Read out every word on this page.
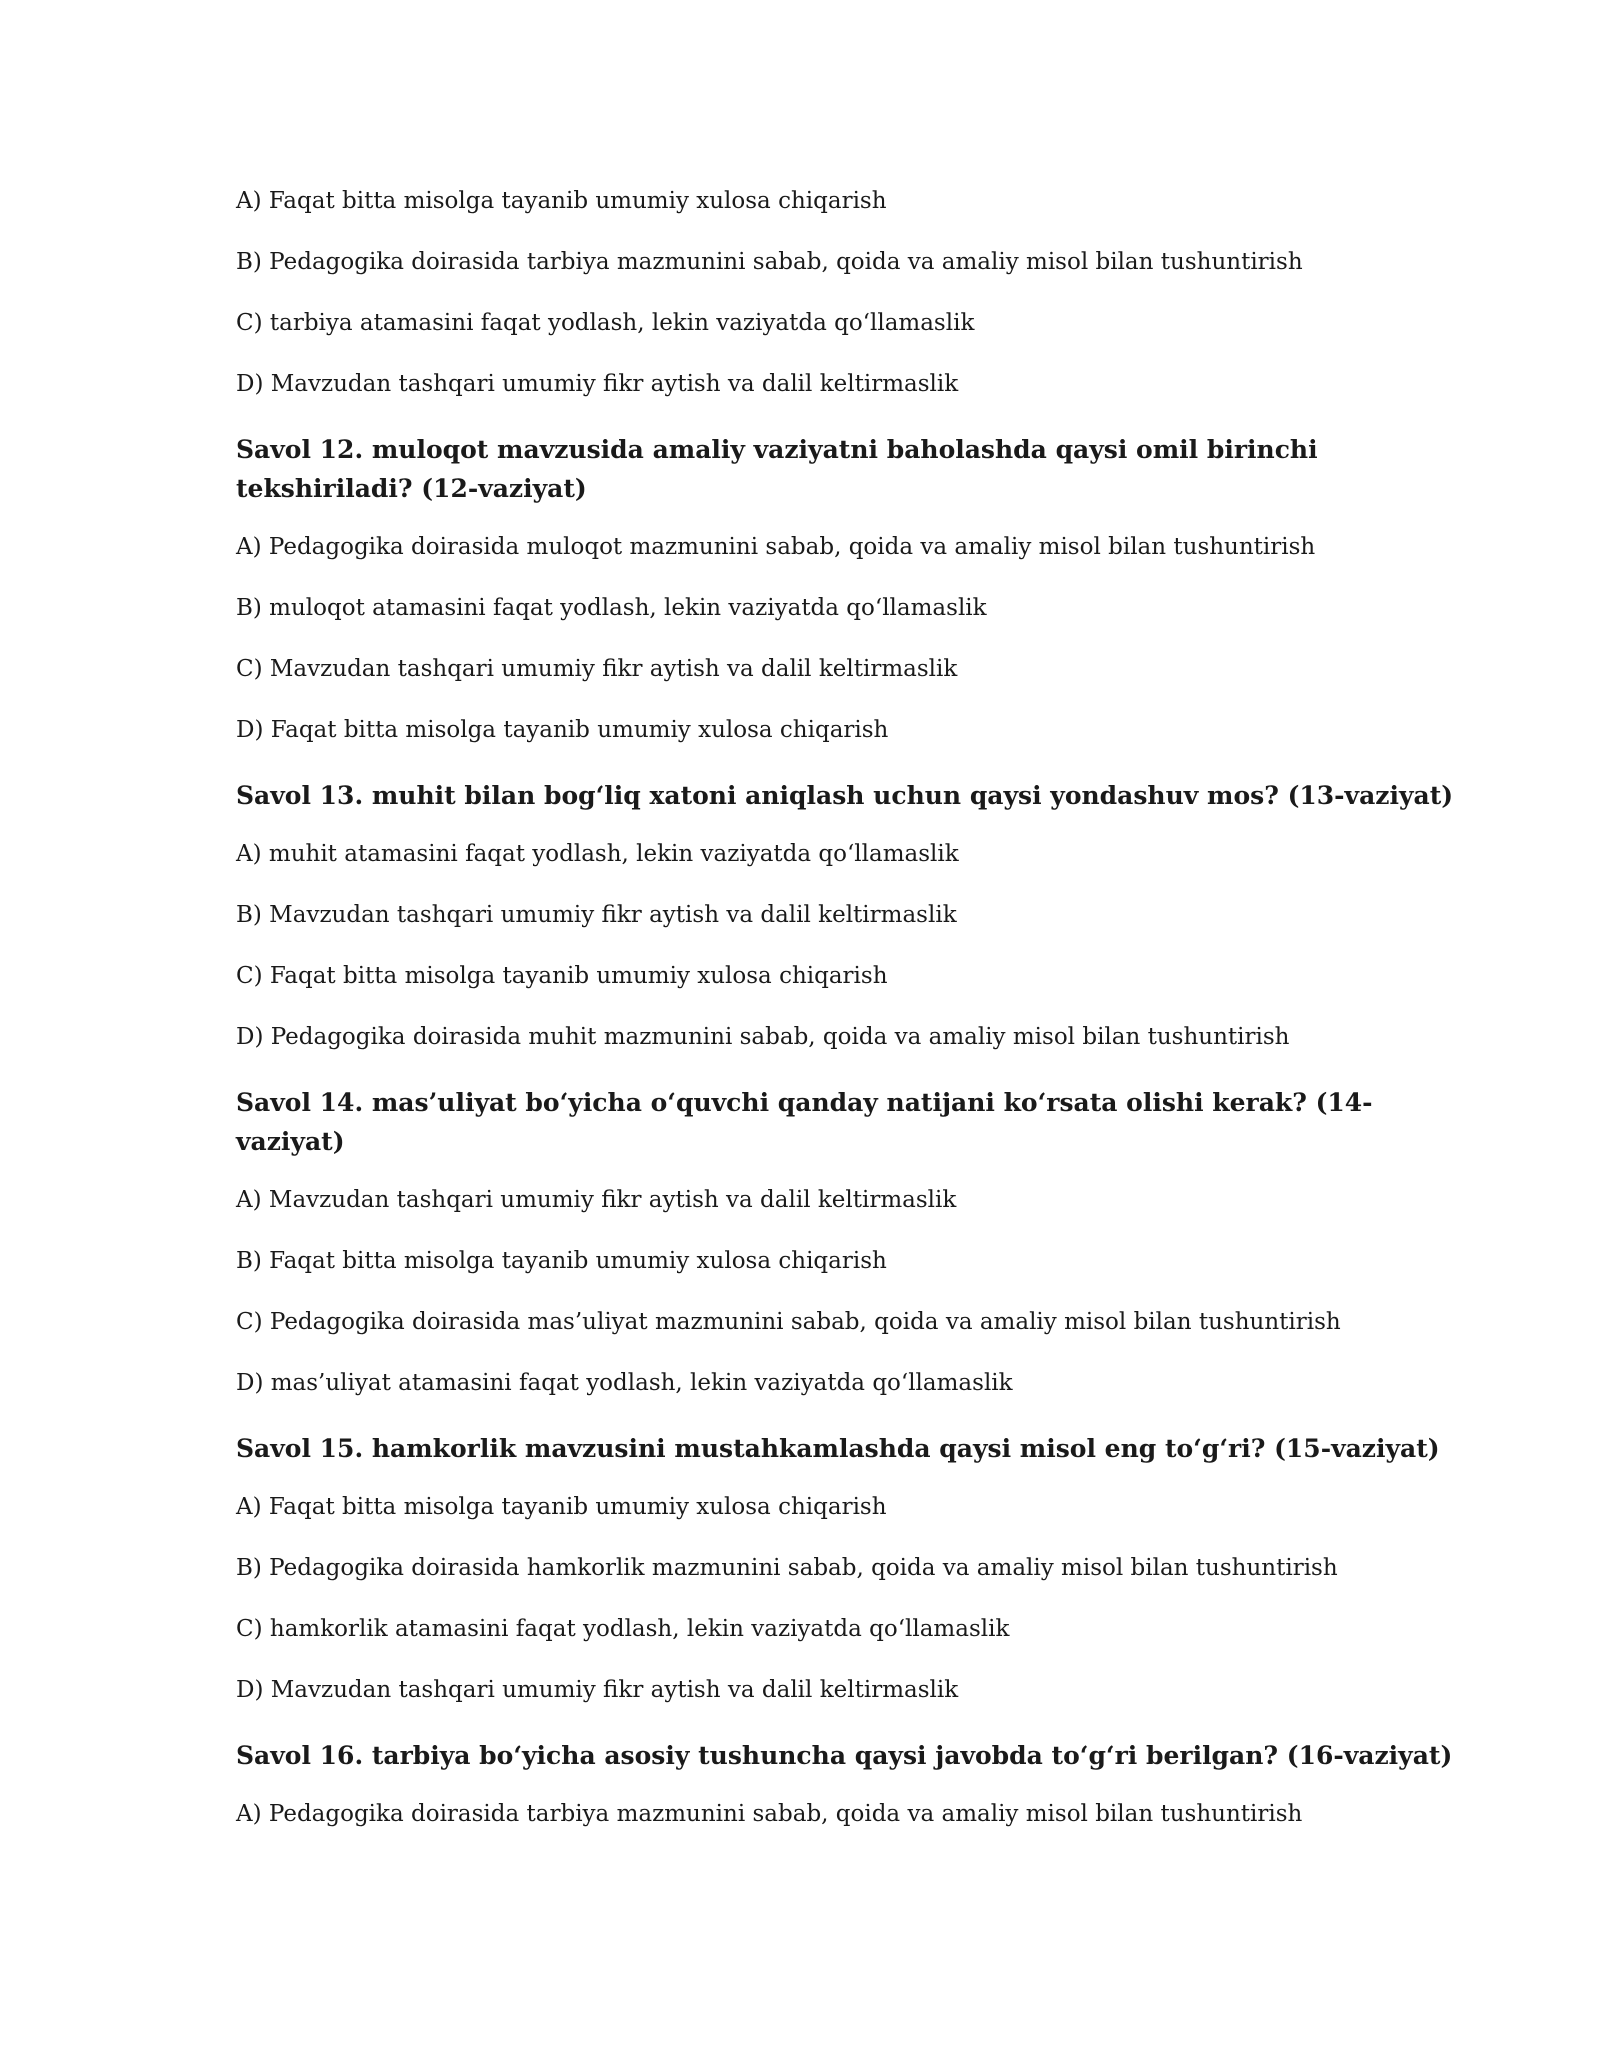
A) Faqat bitta misolga tayanib umumiy xulosa chiqarish

B) Pedagogika doirasida tarbiya mazmunini sabab, qoida va amaliy misol bilan tushuntirish

C) tarbiya atamasini faqat yodlash, lekin vaziyatda qo‘llamaslik

D) Mavzudan tashqari umumiy fikr aytish va dalil keltirmaslik

Savol 12. muloqot mavzusida amaliy vaziyatni baholashda qaysi omil birinchi tekshiriladi? (12-vaziyat)

A) Pedagogika doirasida muloqot mazmunini sabab, qoida va amaliy misol bilan tushuntirish

B) muloqot atamasini faqat yodlash, lekin vaziyatda qo‘llamaslik

C) Mavzudan tashqari umumiy fikr aytish va dalil keltirmaslik

D) Faqat bitta misolga tayanib umumiy xulosa chiqarish

Savol 13. muhit bilan bog‘liq xatoni aniqlash uchun qaysi yondashuv mos? (13-vaziyat)

A) muhit atamasini faqat yodlash, lekin vaziyatda qo‘llamaslik

B) Mavzudan tashqari umumiy fikr aytish va dalil keltirmaslik

C) Faqat bitta misolga tayanib umumiy xulosa chiqarish

D) Pedagogika doirasida muhit mazmunini sabab, qoida va amaliy misol bilan tushuntirish

Savol 14. mas’uliyat bo‘yicha o‘quvchi qanday natijani ko‘rsata olishi kerak? (14-vaziyat)

A) Mavzudan tashqari umumiy fikr aytish va dalil keltirmaslik

B) Faqat bitta misolga tayanib umumiy xulosa chiqarish

C) Pedagogika doirasida mas’uliyat mazmunini sabab, qoida va amaliy misol bilan tushuntirish

D) mas’uliyat atamasini faqat yodlash, lekin vaziyatda qo‘llamaslik

Savol 15. hamkorlik mavzusini mustahkamlashda qaysi misol eng to‘g‘ri? (15-vaziyat)

A) Faqat bitta misolga tayanib umumiy xulosa chiqarish

B) Pedagogika doirasida hamkorlik mazmunini sabab, qoida va amaliy misol bilan tushuntirish

C) hamkorlik atamasini faqat yodlash, lekin vaziyatda qo‘llamaslik

D) Mavzudan tashqari umumiy fikr aytish va dalil keltirmaslik

Savol 16. tarbiya bo‘yicha asosiy tushuncha qaysi javobda to‘g‘ri berilgan? (16-vaziyat)

A) Pedagogika doirasida tarbiya mazmunini sabab, qoida va amaliy misol bilan tushuntirish
